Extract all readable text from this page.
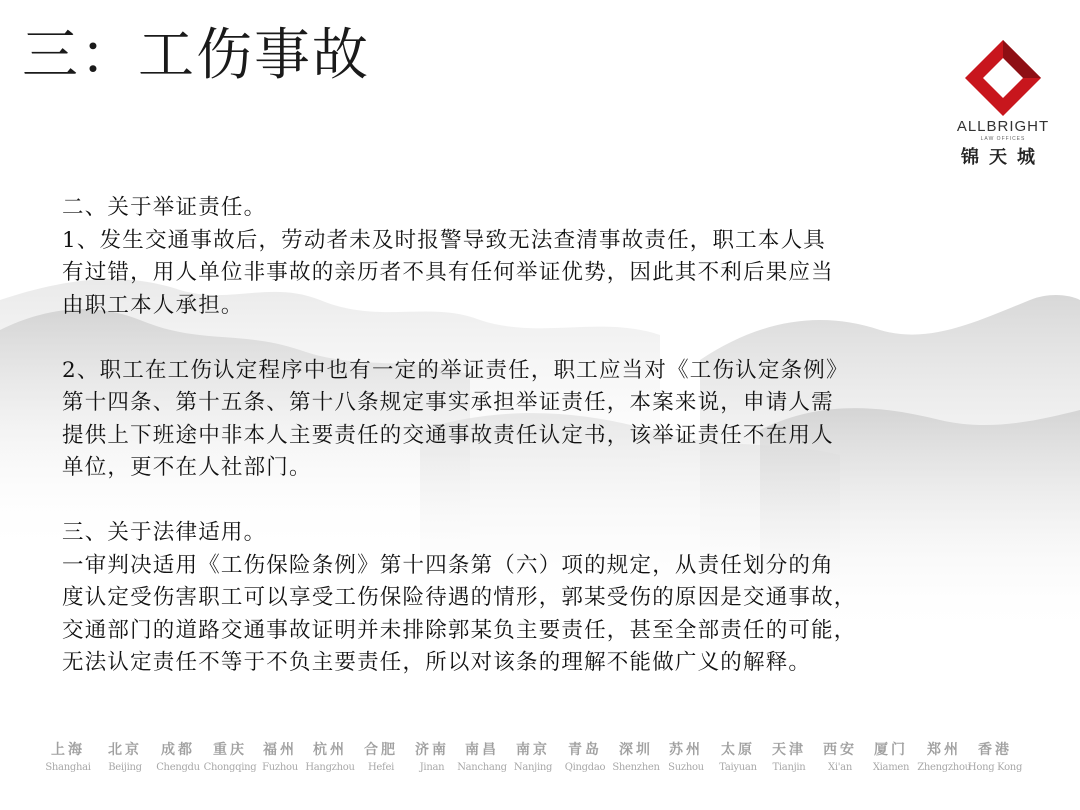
三：工伤事故
ALLBRIGHT
LAW OFFICES
锦天城
二、关于举证责任。
1、发生交通事故后，劳动者未及时报警导致无法查清事故责任，职工本人具
有过错，用人单位非事故的亲历者不具有任何举证优势，因此其不利后果应当
由职工本人承担。
2、职工在工伤认定程序中也有一定的举证责任，职工应当对《工伤认定条例》
第十四条、第十五条、第十八条规定事实承担举证责任，本案来说，申请人需
提供上下班途中非本人主要责任的交通事故责任认定书，该举证责任不在用人
单位，更不在人社部门。
三、关于法律适用。
一审判决适用《工伤保险条例》第十四条第（六）项的规定，从责任划分的角
度认定受伤害职工可以享受工伤保险待遇的情形，郭某受伤的原因是交通事故，
交通部门的道路交通事故证明并未排除郭某负主要责任，甚至全部责任的可能，
无法认定责任不等于不负主要责任，所以对该条的理解不能做广义的解释。
上海
Shanghai
北京
Beijing
成都
Chengdu
重庆
Chongqing
福州
Fuzhou
杭州
Hangzhou
合肥
Hefei
济南
Jinan
南昌
Nanchang
南京
Nanjing
青岛
Qingdao
深圳
Shenzhen
苏州
Suzhou
太原
Taiyuan
天津
Tianjin
西安
Xi'an
厦门
Xiamen
郑州
Zhengzhou
香港
Hong Kong
